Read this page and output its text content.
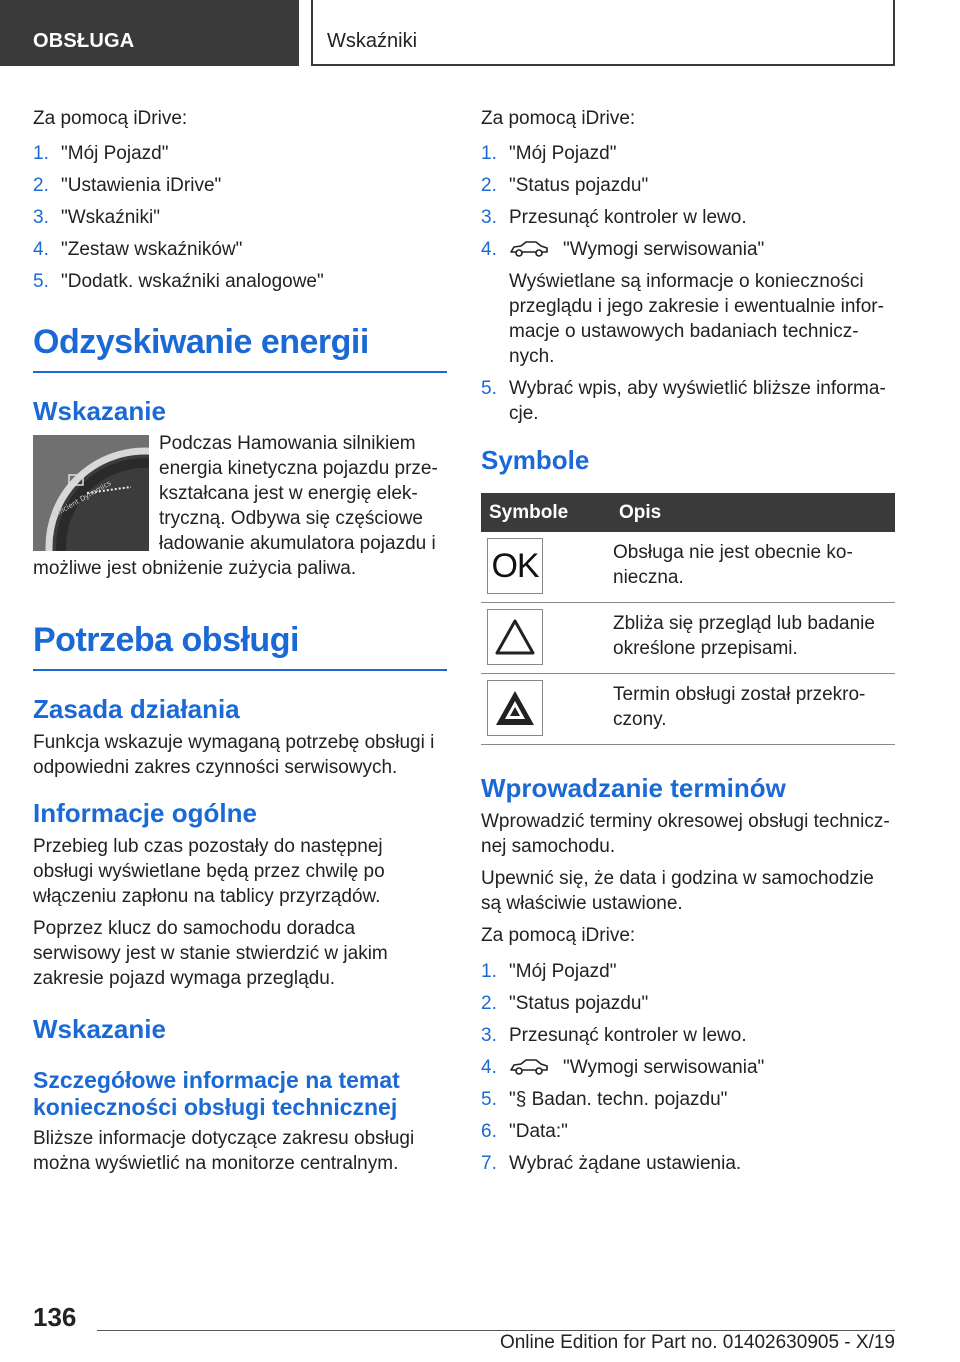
OBSŁUGA	Wskaźniki

Za pomocą iDrive:

1. "Mój Pojazd"
2. "Ustawienia iDrive"
3. "Wskaźniki"
4. "Zestaw wskaźników"
5. "Dodatk. wskaźniki analogowe"
Odzyskiwanie energii
Wskazanie
Efficient Dynamics

Podczas Hamowania silnikiem energia kinetyczna pojazdu przekształcana jest w energię elektryczną. Odbywa się częściowe ładowanie akumulatora pojazdu i możliwe jest obniżenie zużycia paliwa.

Potrzeba obsługi
Zasada działania

Funkcja wskazuje wymaganą potrzebę obsługi i odpowiedni zakres czynności serwisowych.

Informacje ogólne

Przebieg lub czas pozostały do następnej obsługi wyświetlane będą przez chwilę po włączeniu zapłonu na tablicy przyrządów.

Poprzez klucz do samochodu doradca serwisowy jest w stanie stwierdzić w jakim zakresie pojazd wymaga przeglądu.

Wskazanie
Szczegółowe informacje na temat konieczności obsługi technicznej

Bliższe informacje dotyczące zakresu obsługi można wyświetlić na monitorze centralnym.

Za pomocą iDrive:

1. "Mój Pojazd"
2. "Status pojazdu"
3. Przesunąć kontroler w lewo.
4.	"Wymogi serwisowania"
Wyświetlane są informacje o konieczności przeglądu i jego zakresie i ewentualnie informacje o ustawowych badaniach technicznych.
5. Wybrać wpis, aby wyświetlić bliższe informacje.
Symbole
Symbole	Opis

OK	Obsługa nie jest obecnie konieczna.

	Zbliża się przegląd lub badanie określone przepisami.

	Termin obsługi został przekroczony.
Wprowadzanie terminów

Wprowadzić terminy okresowej obsługi technicznej samochodu.

Upewnić się, że data i godzina w samochodzie są właściwie ustawione.

Za pomocą iDrive:

1. "Mój Pojazd"
2. "Status pojazdu"
3. Przesunąć kontroler w lewo.
4.	"Wymogi serwisowania"
5. "§ Badan. techn. pojazdu"
6. "Data:"
7. Wybrać żądane ustawienia.
136
Online Edition for Part no. 01402630905 - X/19
